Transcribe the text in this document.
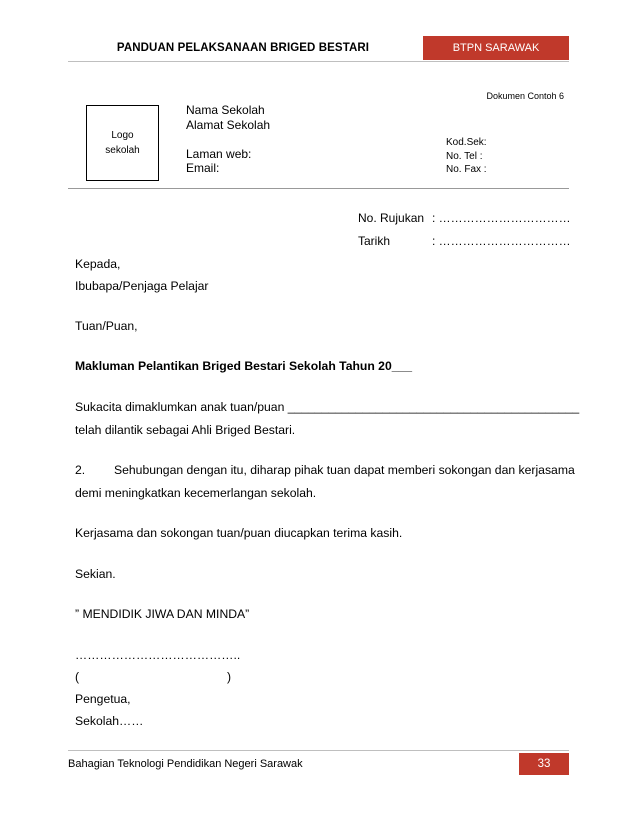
PANDUAN PELAKSANAAN BRIGED BESTARI	BTPN SARAWAK
Dokumen Contoh 6
Logo
sekolah
Nama Sekolah
Alamat Sekolah
Laman web:
Email:
Kod.Sek:
No. Tel :
No. Fax :
No. Rujukan : ……………………………
Tarikh	: ……………………………
Kepada,
Ibubapa/Penjaga Pelajar
Tuan/Puan,
Makluman Pelantikan Briged Bestari Sekolah Tahun 20___
Sukacita dimaklumkan anak tuan/puan ___________________________________________
telah dilantik sebagai Ahli Briged Bestari.
2. Sehubungan dengan itu, diharap pihak tuan dapat memberi sokongan dan kerjasama
demi meningkatkan kecemerlangan sekolah.
Kerjasama dan sokongan tuan/puan diucapkan terima kasih.
Sekian.
” MENDIDIK JIWA DAN MINDA”
…………………………………..
(	)
Pengetua,
Sekolah……
Bahagian Teknologi Pendidikan Negeri Sarawak	33
